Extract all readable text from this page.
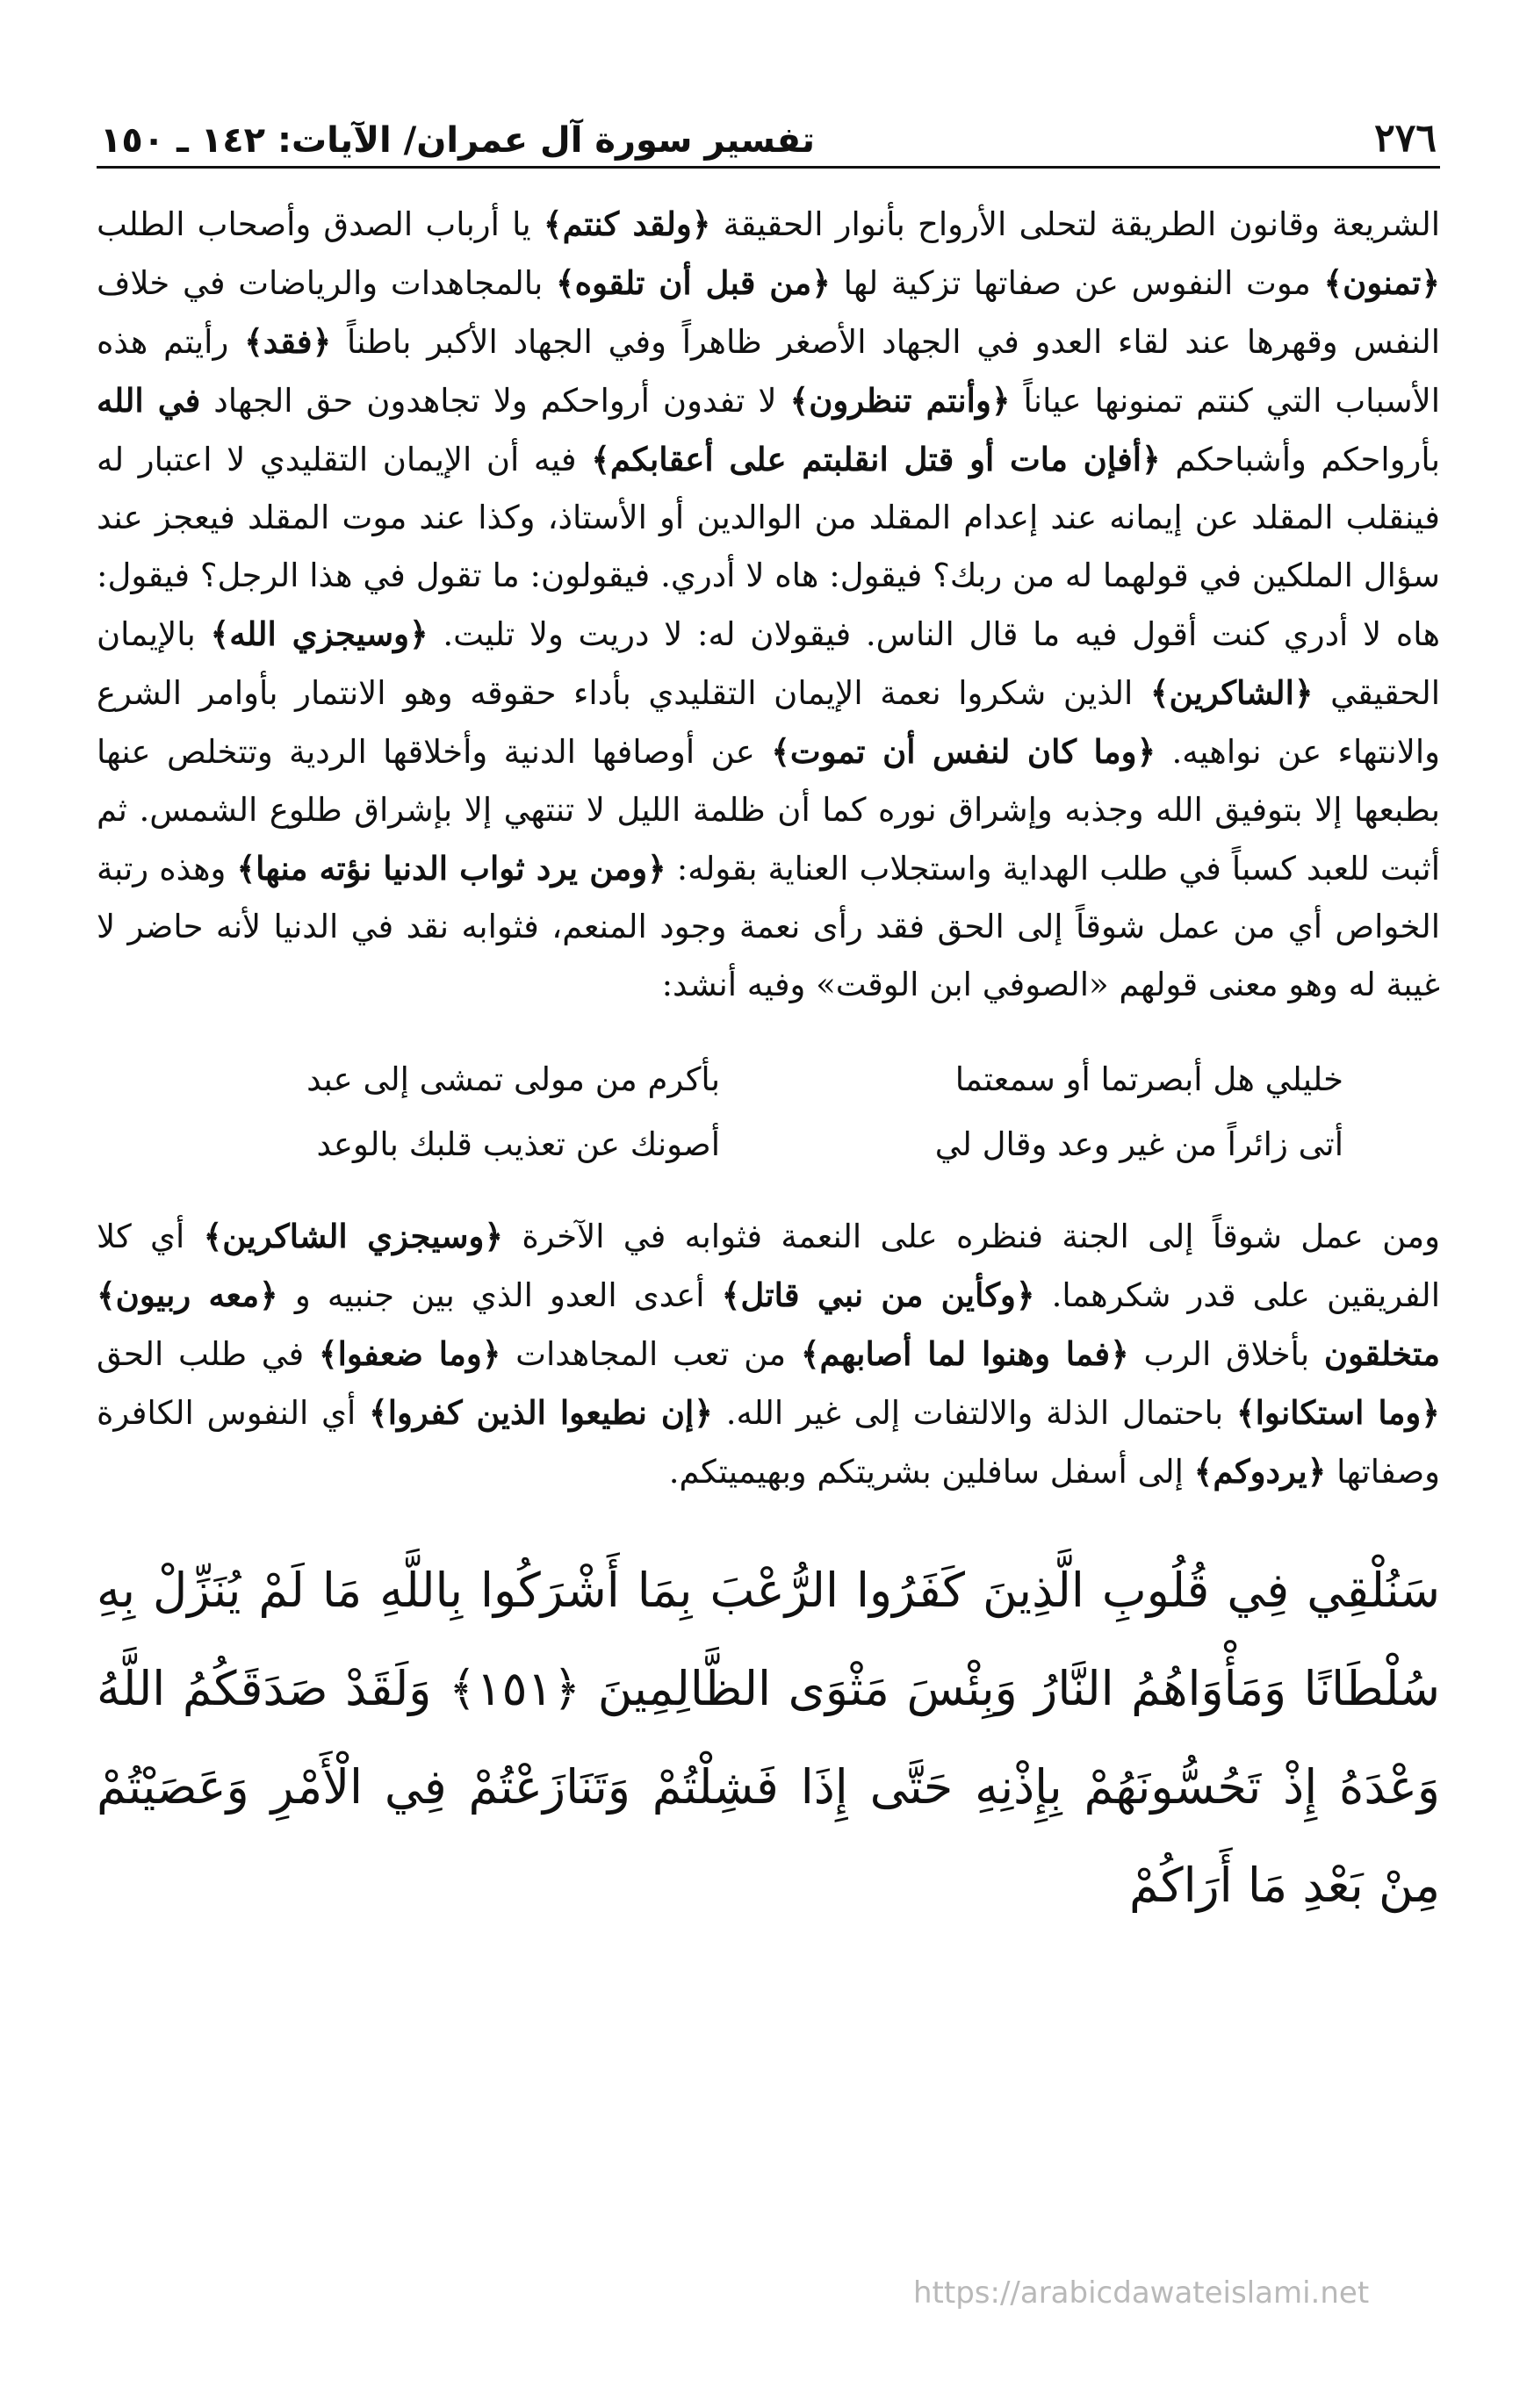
٢٧٦
تفسير سورة آل عمران/ الآيات: ١٤٢ ـ ١٥٠

الشريعة وقانون الطريقة لتحلى الأرواح بأنوار الحقيقة ﴿ولقد كنتم﴾ يا أرباب الصدق وأصحاب الطلب ﴿تمنون﴾ موت النفوس عن صفاتها تزكية لها ﴿من قبل أن تلقوه﴾ بالمجاهدات والرياضات في خلاف النفس وقهرها عند لقاء العدو في الجهاد الأصغر ظاهراً وفي الجهاد الأكبر باطناً ﴿فقد﴾ رأيتم هذه الأسباب التي كنتم تمنونها عياناً ﴿وأنتم تنظرون﴾ لا تفدون أرواحكم ولا تجاهدون حق الجهاد في الله بأرواحكم وأشباحكم ﴿أفإن مات أو قتل انقلبتم على أعقابكم﴾ فيه أن الإيمان التقليدي لا اعتبار له فينقلب المقلد عن إيمانه عند إعدام المقلد من الوالدين أو الأستاذ، وكذا عند موت المقلد فيعجز عند سؤال الملكين في قولهما له من ربك؟ فيقول: هاه لا أدري. فيقولون: ما تقول في هذا الرجل؟ فيقول: هاه لا أدري كنت أقول فيه ما قال الناس. فيقولان له: لا دريت ولا تليت. ﴿وسيجزي الله﴾ بالإيمان الحقيقي ﴿الشاكرين﴾ الذين شكروا نعمة الإيمان التقليدي بأداء حقوقه وهو الانتمار بأوامر الشرع والانتهاء عن نواهيه. ﴿وما كان لنفس أن تموت﴾ عن أوصافها الدنية وأخلاقها الردية وتتخلص عنها بطبعها إلا بتوفيق الله وجذبه وإشراق نوره كما أن ظلمة الليل لا تنتهي إلا بإشراق طلوع الشمس. ثم أثبت للعبد كسباً في طلب الهداية واستجلاب العناية بقوله: ﴿ومن يرد ثواب الدنيا نؤته منها﴾ وهذه رتبة الخواص أي من عمل شوقاً إلى الحق فقد رأى نعمة وجود المنعم، فثوابه نقد في الدنيا لأنه حاضر لا غيبة له وهو معنى قولهم «الصوفي ابن الوقت» وفيه أنشد:

خليلي هل أبصرتما أو سمعتما
بأكرم من مولى تمشى إلى عبد
أتى زائراً من غير وعد وقال لي
أصونك عن تعذيب قلبك بالوعد

ومن عمل شوقاً إلى الجنة فنظره على النعمة فثوابه في الآخرة ﴿وسيجزي الشاكرين﴾ أي كلا الفريقين على قدر شكرهما. ﴿وكأين من نبي قاتل﴾ أعدى العدو الذي بين جنبيه و ﴿معه ربيون﴾ متخلقون بأخلاق الرب ﴿فما وهنوا لما أصابهم﴾ من تعب المجاهدات ﴿وما ضعفوا﴾ في طلب الحق ﴿وما استكانوا﴾ باحتمال الذلة والالتفات إلى غير الله. ﴿إن نطيعوا الذين كفروا﴾ أي النفوس الكافرة وصفاتها ﴿يردوكم﴾ إلى أسفل سافلين بشريتكم وبهيميتكم.

سَنُلْقِي فِي قُلُوبِ الَّذِينَ كَفَرُوا الرُّعْبَ بِمَا أَشْرَكُوا بِاللَّهِ مَا لَمْ يُنَزِّلْ بِهِ سُلْطَانًا وَمَأْوَاهُمُ النَّارُ وَبِئْسَ مَثْوَى الظَّالِمِينَ ﴿١٥١﴾ وَلَقَدْ صَدَقَكُمُ اللَّهُ وَعْدَهُ إِذْ تَحُسُّونَهُمْ بِإِذْنِهِ حَتَّى إِذَا فَشِلْتُمْ وَتَنَازَعْتُمْ فِي الْأَمْرِ وَعَصَيْتُمْ مِنْ بَعْدِ مَا أَرَاكُمْ
https://arabicdawateislami.net
